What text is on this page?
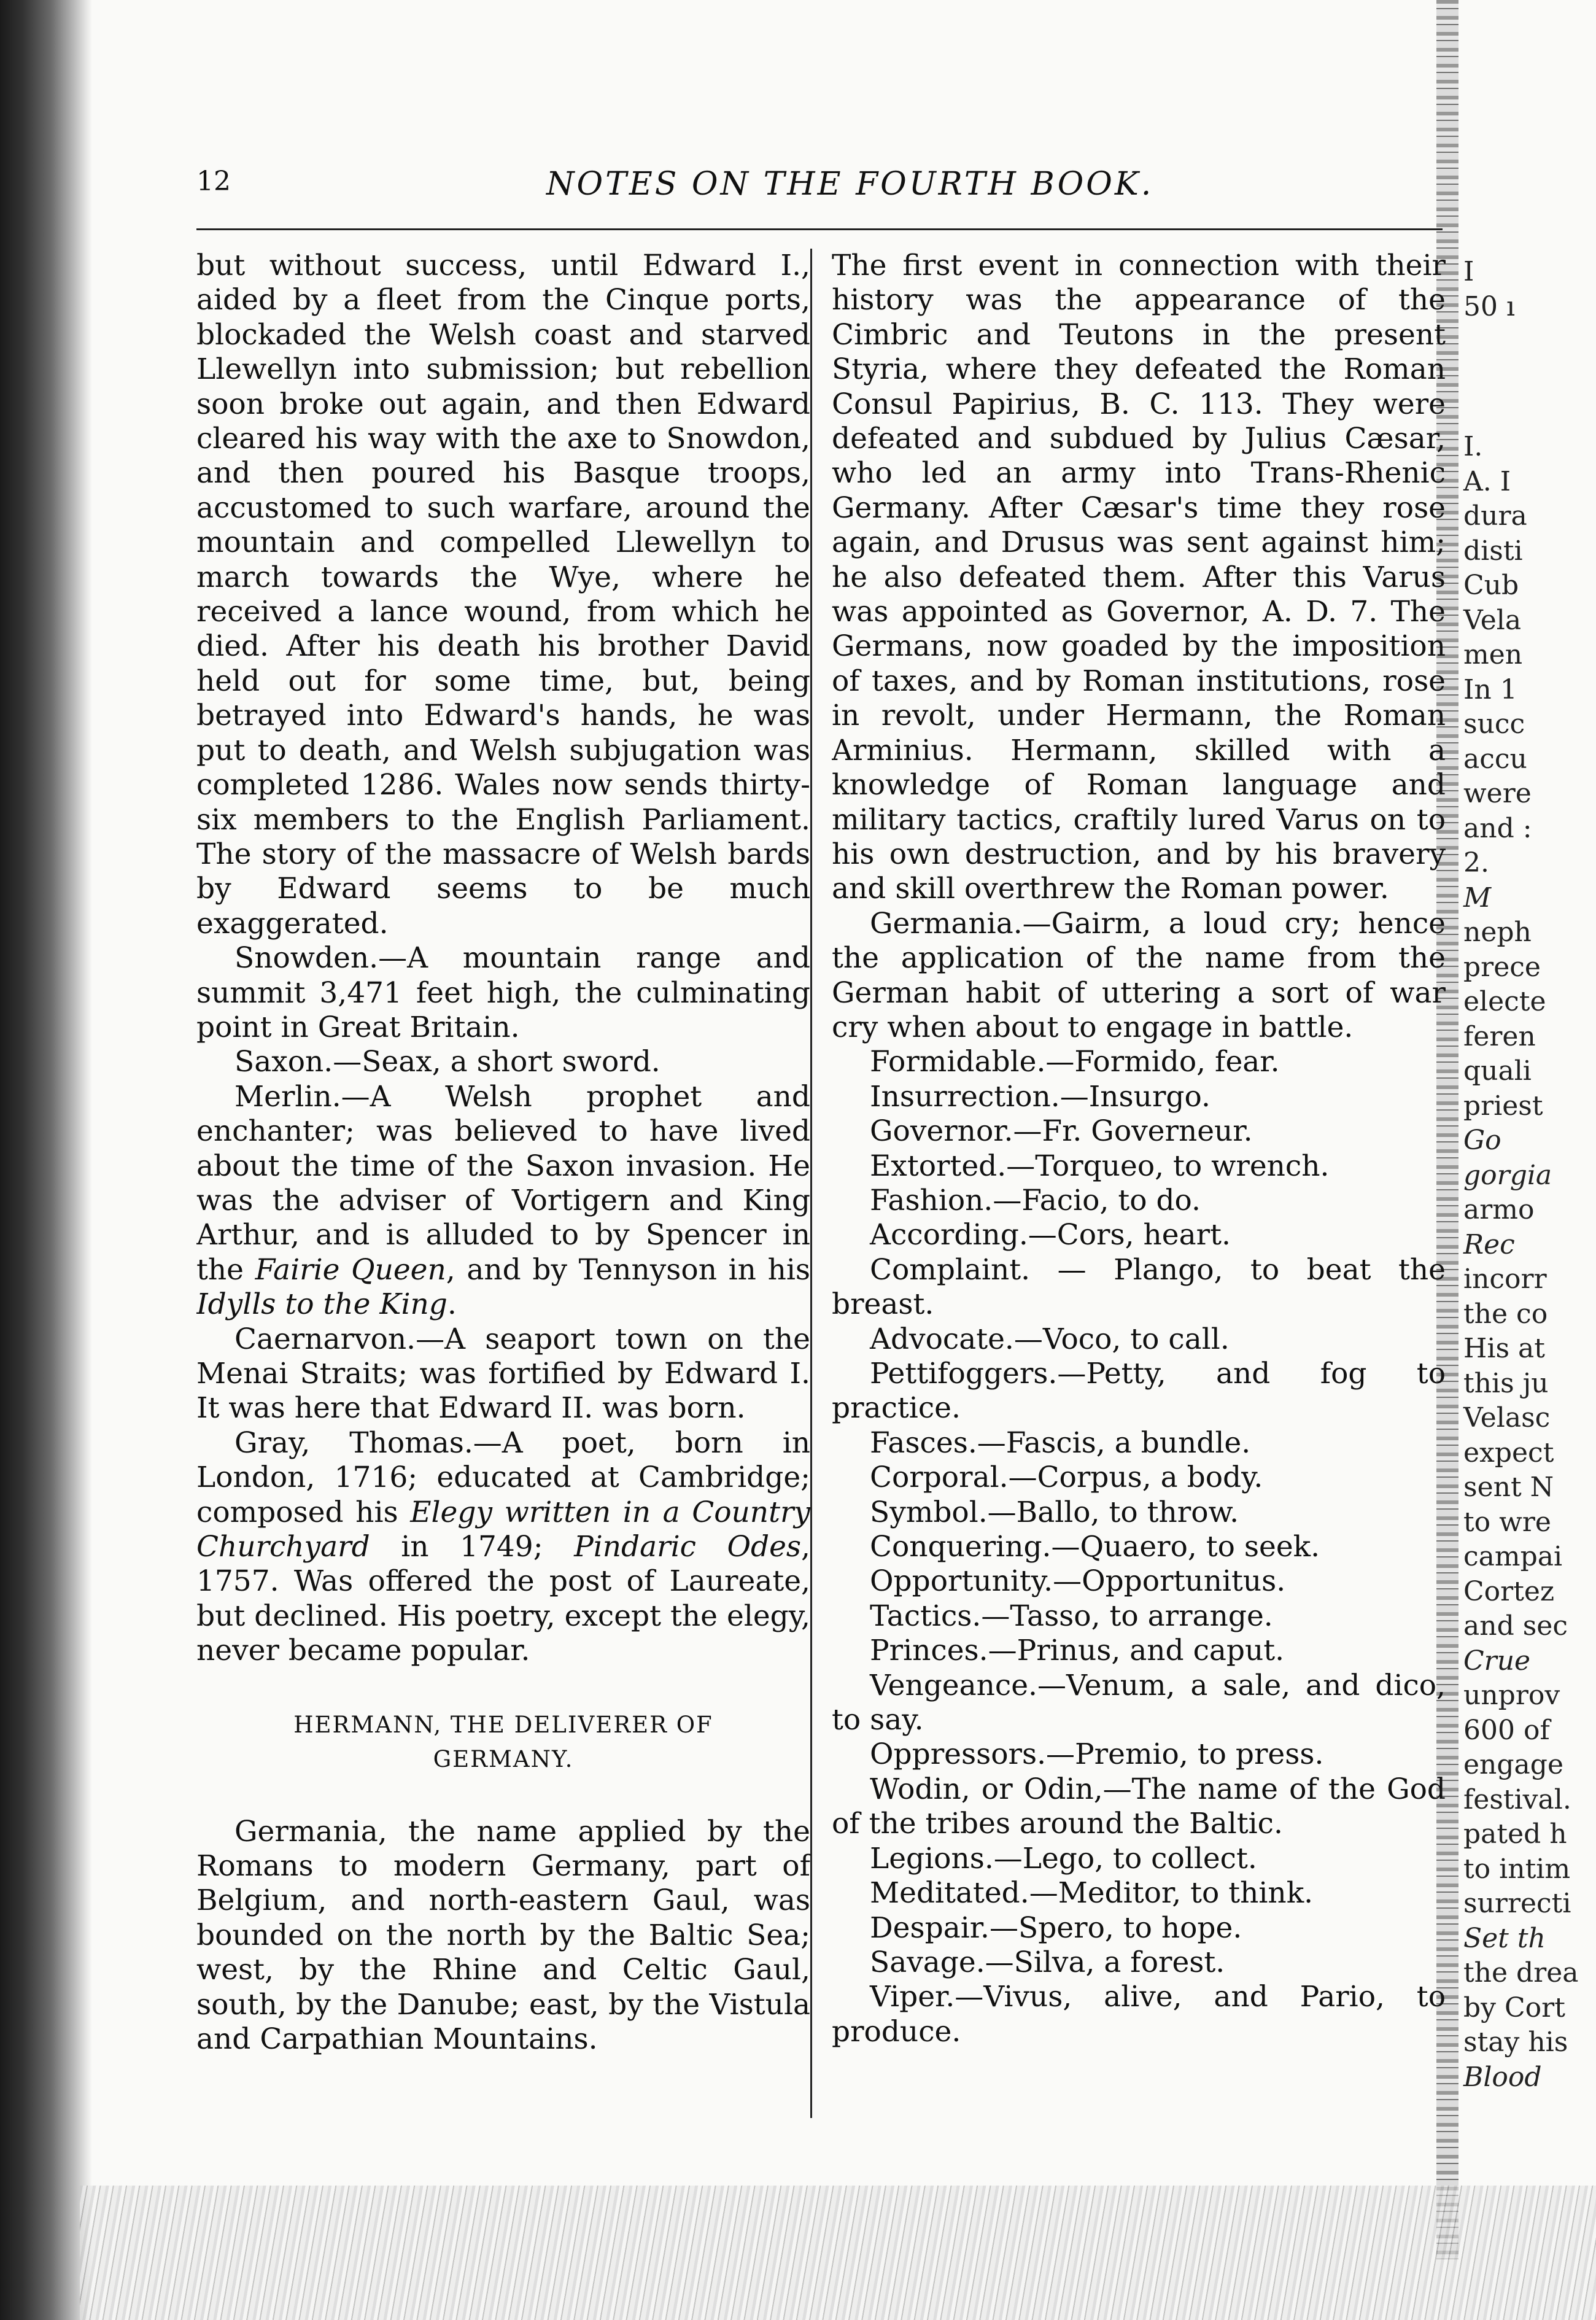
I
50 ı
I.
A. I
dura
disti
Cub
Vela
men
In 1
succ
accu
were
and :
2.
M
neph
prece
electe
feren
quali
priest
Go
gorgia
armo
Rec
incorr
the co
His at
this ju
Velasc
expect
sent N
to wre
campai
Cortez
and sec
Crue
unprov
600 of
engage
festival.
pated h
to intim
surrecti
Set th
the drea
by Cort
stay his
Blood
12	NOTES ON THE FOURTH BOOK.

but without success, until Edward I., aided by a fleet from the Cinque ports, blockaded the Welsh coast and starved Llewellyn into submission; but rebellion soon broke out again, and then Edward cleared his way with the axe to Snowdon, and then poured his Basque troops, accustomed to such warfare, around the mountain and compelled Llewellyn to march towards the Wye, where he received a lance wound, from which he died. After his death his brother David held out for some time, but, being betrayed into Edward's hands, he was put to death, and Welsh subjugation was completed 1286. Wales now sends thirty-six members to the English Parliament. The story of the massacre of Welsh bards by Edward seems to be much exaggerated.

Snowden.—A mountain range and summit 3,471 feet high, the culminating point in Great Britain.

Saxon.—Seax, a short sword.

Merlin.—A Welsh prophet and enchanter; was believed to have lived about the time of the Saxon invasion. He was the adviser of Vortigern and King Arthur, and is alluded to by Spencer in the Fairie Queen, and by Tennyson in his Idylls to the King.

Caernarvon.—A seaport town on the Menai Straits; was fortified by Edward I. It was here that Edward II. was born.

Gray, Thomas.—A poet, born in London, 1716; educated at Cambridge; composed his Elegy written in a Country Churchyard in 1749; Pindaric Odes, 1757. Was offered the post of Laureate, but declined. His poetry, except the elegy, never became popular.

HERMANN, THE DELIVERER OF
GERMANY.

Germania, the name applied by the Romans to modern Germany, part of Belgium, and north-eastern Gaul, was bounded on the north by the Baltic Sea; west, by the Rhine and Celtic Gaul, south, by the Danube; east, by the Vistula and Carpathian Mountains.

The first event in connection with their history was the appearance of the Cimbric and Teutons in the present Styria, where they defeated the Roman Consul Papirius, B. C. 113. They were defeated and subdued by Julius Cæsar, who led an army into Trans-Rhenic Germany. After Cæsar's time they rose again, and Drusus was sent against him; he also defeated them. After this Varus was appointed as Governor, A. D. 7. The Germans, now goaded by the imposition of taxes, and by Roman institutions, rose in revolt, under Hermann, the Roman Arminius. Hermann, skilled with a knowledge of Roman language and military tactics, craftily lured Varus on to his own destruction, and by his bravery and skill overthrew the Roman power.

Germania.—Gairm, a loud cry; hence the application of the name from the German habit of uttering a sort of war cry when about to engage in battle.

Formidable.—Formido, fear.

Insurrection.—Insurgo.

Governor.—Fr. Governeur.

Extorted.—Torqueo, to wrench.

Fashion.—Facio, to do.

According.—Cors, heart.

Complaint. — Plango, to beat the breast.

Advocate.—Voco, to call.

Pettifoggers.—Petty, and fog to practice.

Fasces.—Fascis, a bundle.

Corporal.—Corpus, a body.

Symbol.—Ballo, to throw.

Conquering.—Quaero, to seek.

Opportunity.—Opportunitus.

Tactics.—Tasso, to arrange.

Princes.—Prinus, and caput.

Vengeance.—Venum, a sale, and dico, to say.

Oppressors.—Premio, to press.

Wodin, or Odin,—The name of the God of the tribes around the Baltic.

Legions.—Lego, to collect.

Meditated.—Meditor, to think.

Despair.—Spero, to hope.

Savage.—Silva, a forest.

Viper.—Vivus, alive, and Pario, to produce.
